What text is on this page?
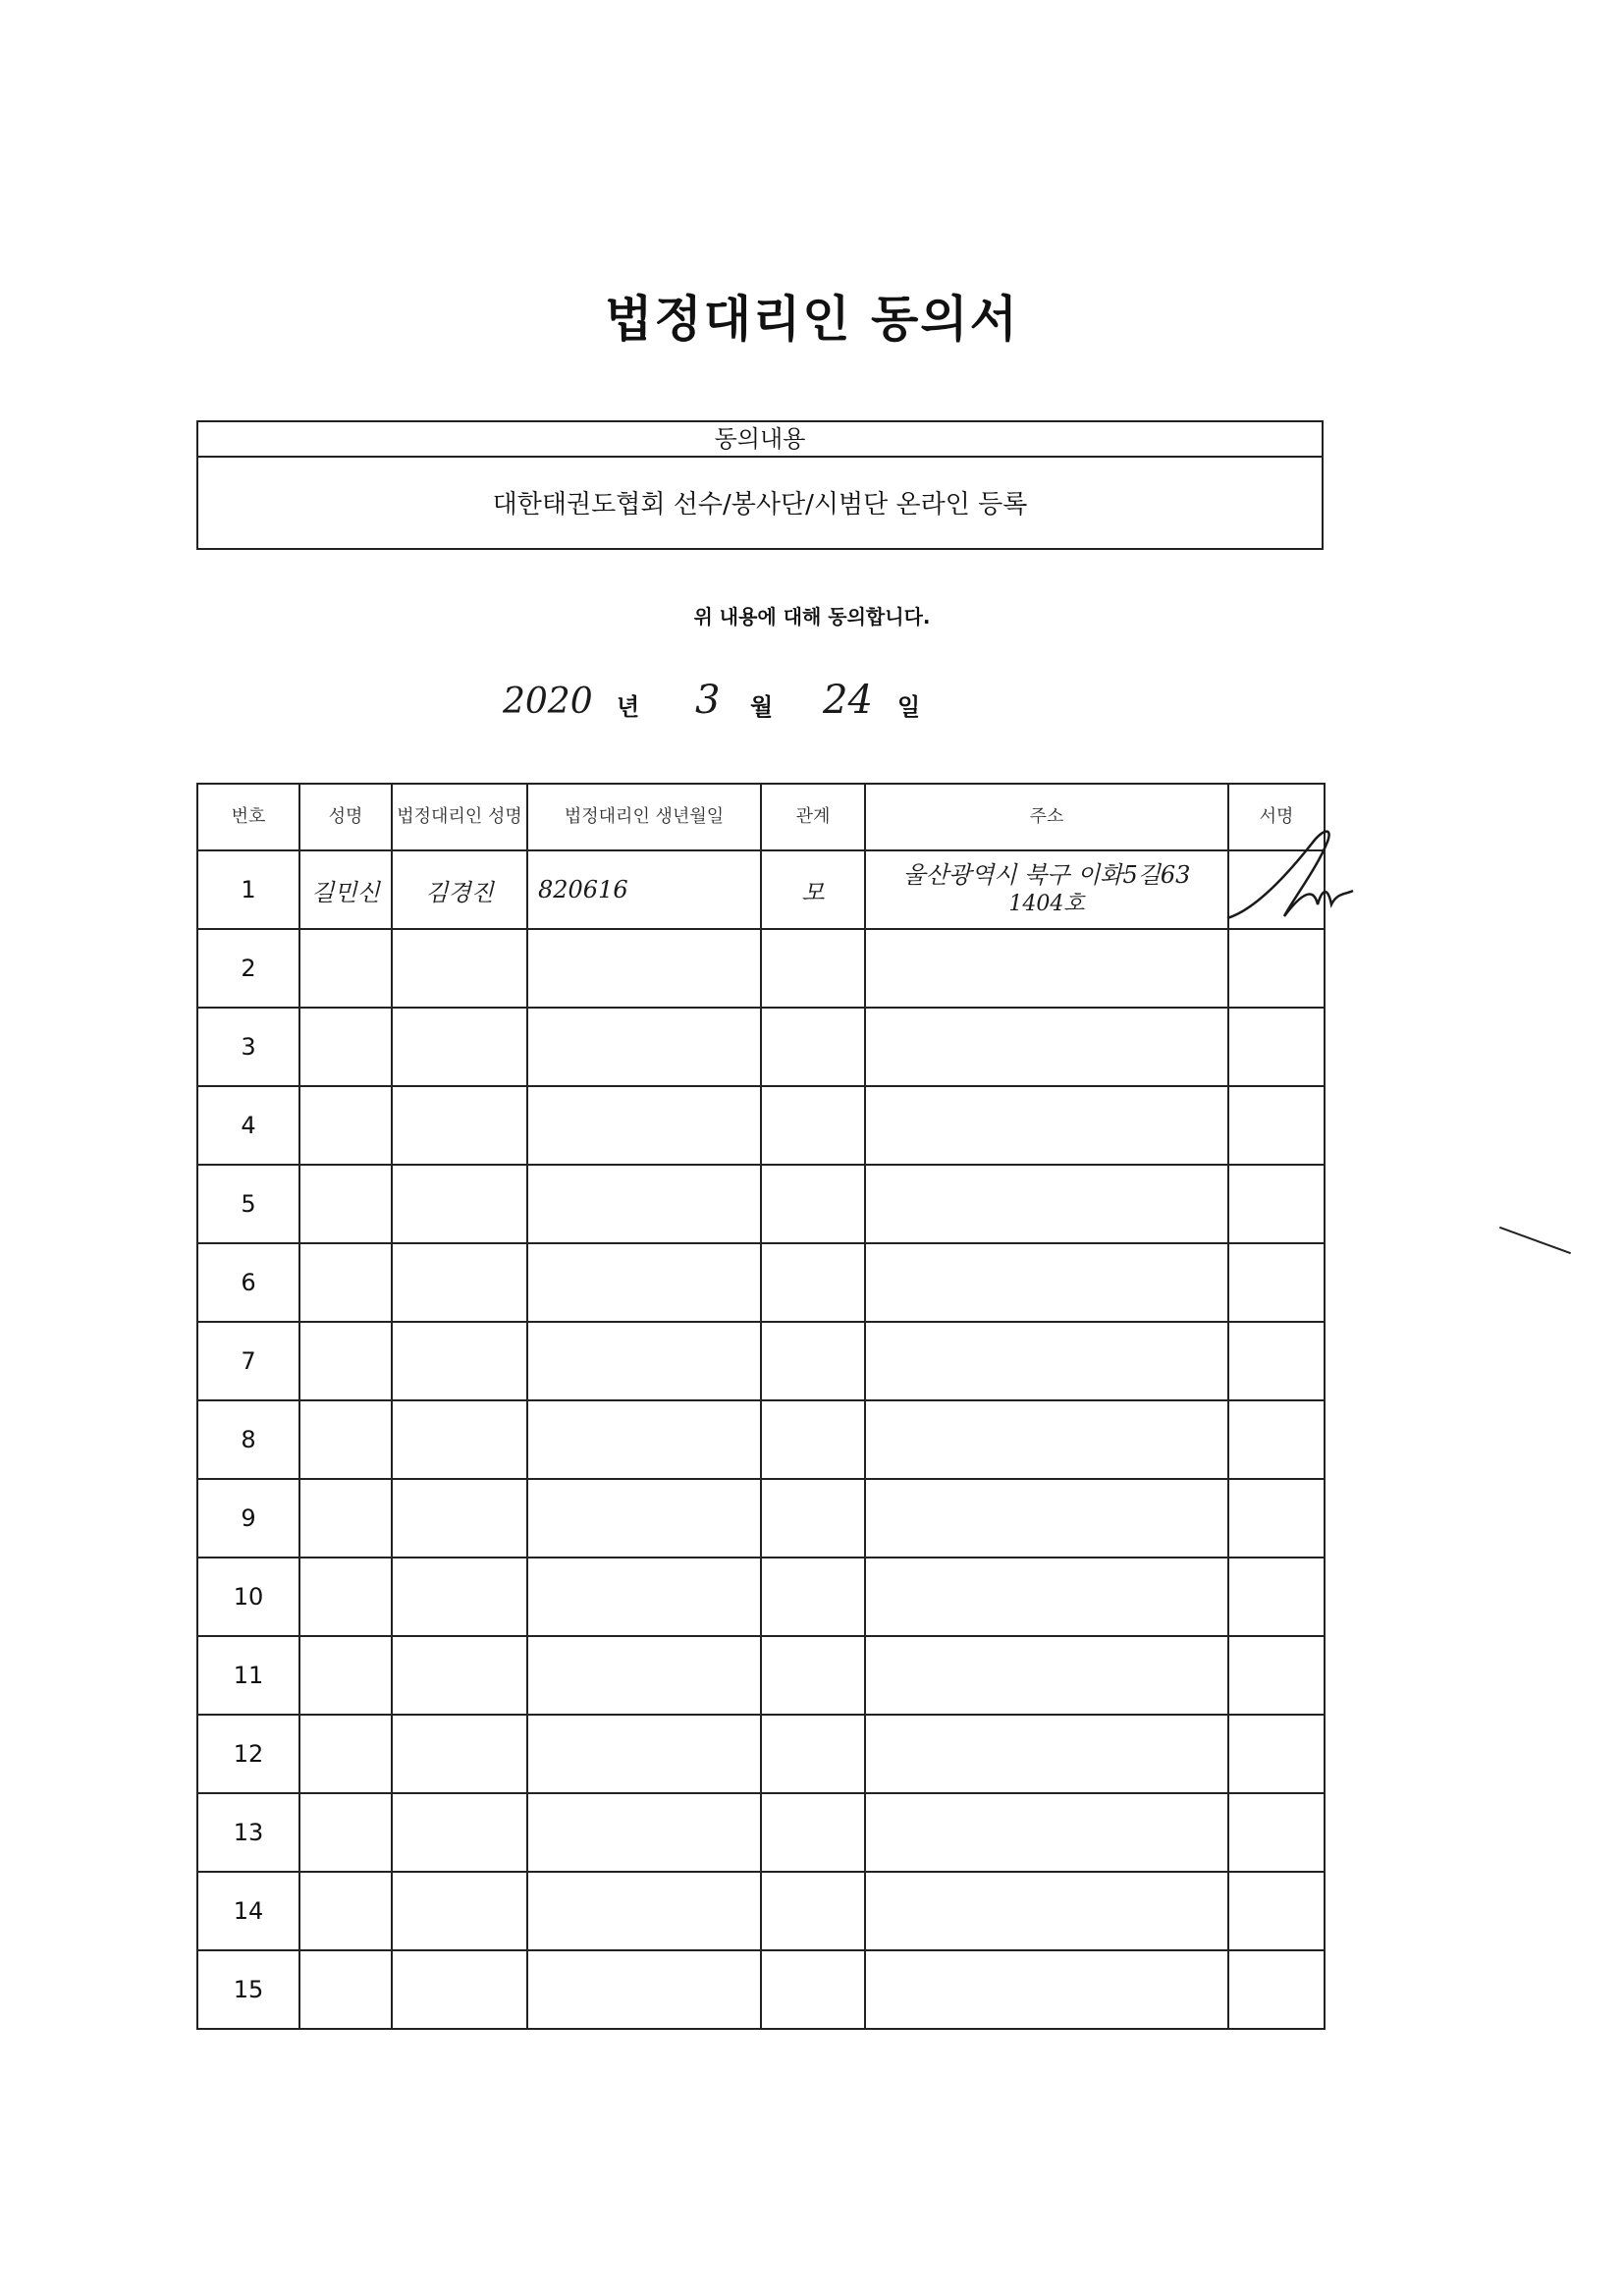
법정대리인 동의서
동의내용
대한태권도협회 선수/봉사단/시범단 온라인 등록
위 내용에 대해 동의합니다.
2020 년 3 월 24 일
번호	성명	법정대리인 성명	법정대리인 생년월일	관계	주소	서명
1	길민신	김경진	820616	모	울산광역시 북구 이화5길63
1404호

2						
3						
4						
5						
6						
7						
8						
9						
10						
11						
12						
13						
14						
15						
